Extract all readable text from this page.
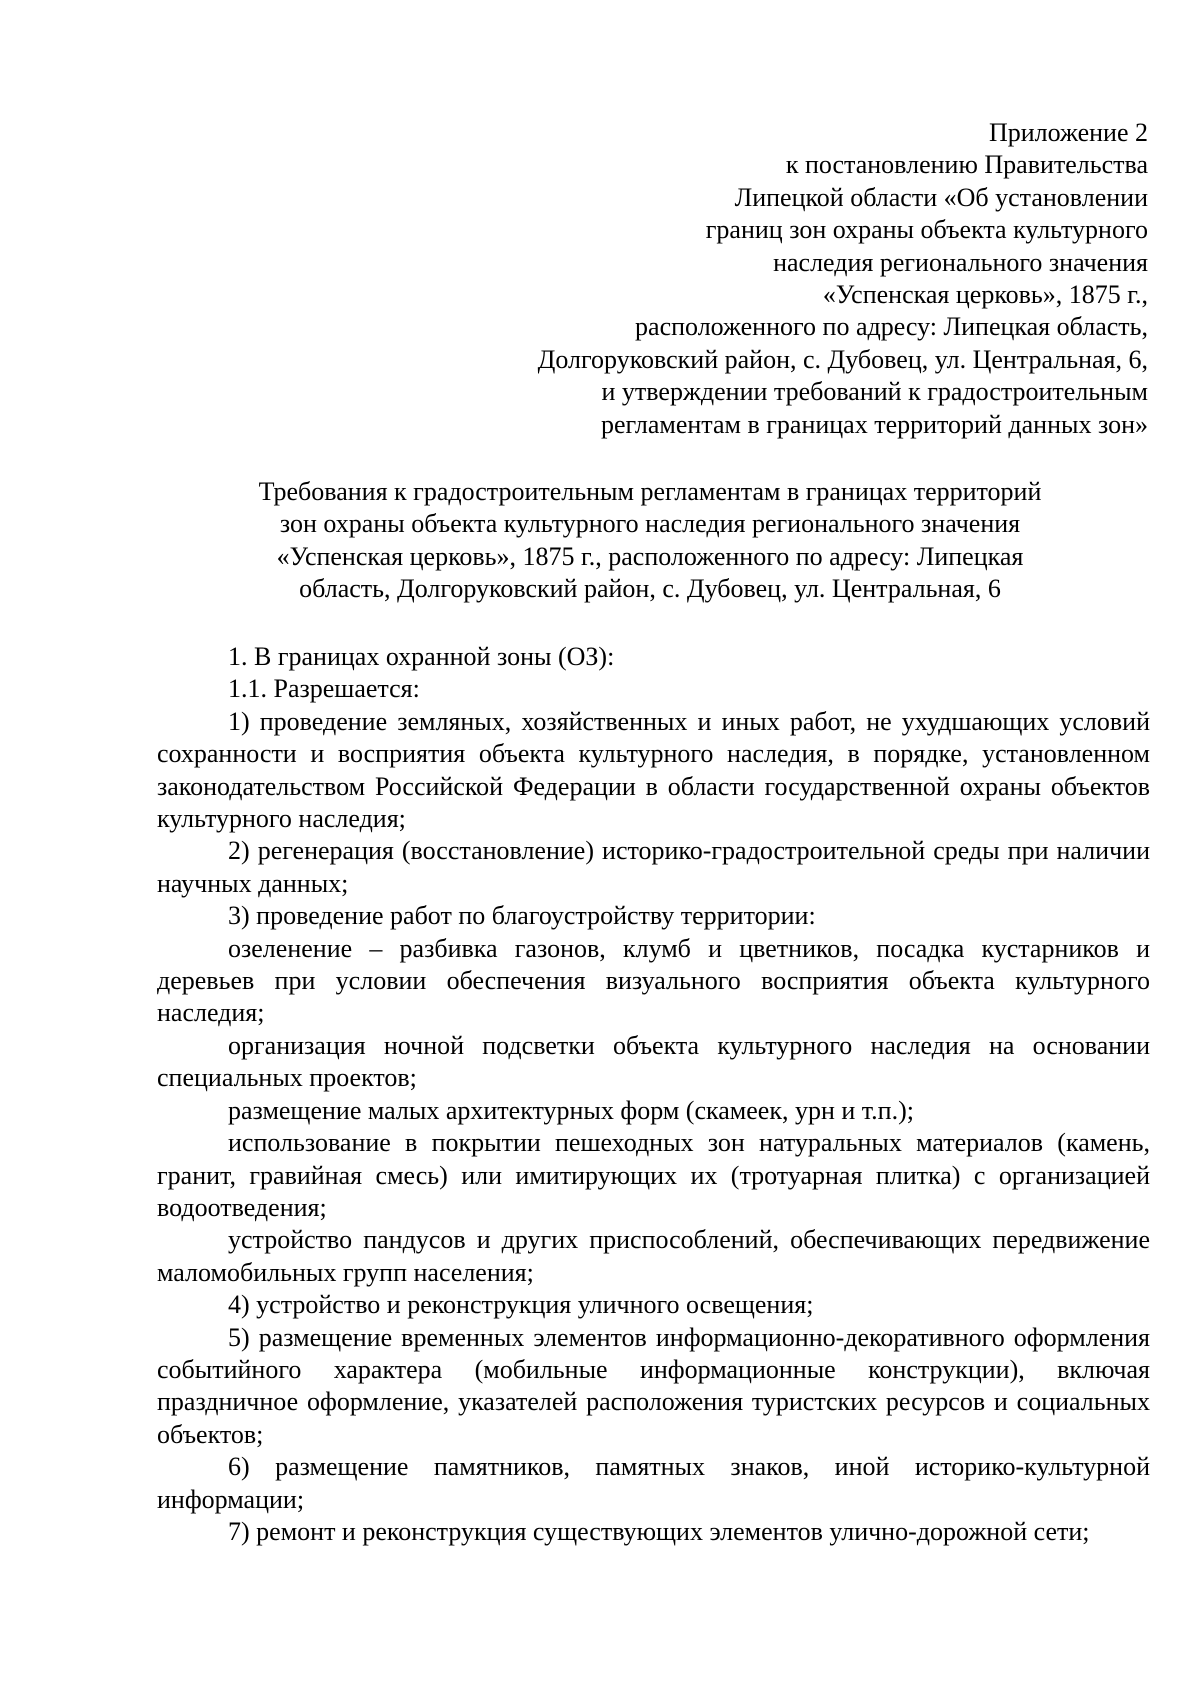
Приложение 2
к постановлению Правительства
Липецкой области «Об установлении
границ зон охраны объекта культурного
наследия регионального значения
«Успенская церковь», 1875 г.,
расположенного по адресу: Липецкая область,
Долгоруковский район, с. Дубовец, ул. Центральная, 6,
и утверждении требований к градостроительным
регламентам в границах территорий данных зон»
Требования к градостроительным регламентам в границах территорий
зон охраны объекта культурного наследия регионального значения
«Успенская церковь», 1875 г., расположенного по адресу: Липецкая
область, Долгоруковский район, с. Дубовец, ул. Центральная, 6

1. В границах охранной зоны (ОЗ):

1.1. Разрешается:

1) проведение земляных, хозяйственных и иных работ, не ухудшающих условий сохранности и восприятия объекта культурного наследия, в порядке, установленном законодательством Российской Федерации в области государственной охраны объектов культурного наследия;

2) регенерация (восстановление) историко-градостроительной среды при наличии научных данных;

3) проведение работ по благоустройству территории:

озеленение – разбивка газонов, клумб и цветников, посадка кустарников и деревьев при условии обеспечения визуального восприятия объекта культурного наследия;

организация ночной подсветки объекта культурного наследия на основании специальных проектов;

размещение малых архитектурных форм (скамеек, урн и т.п.);

использование в покрытии пешеходных зон натуральных материалов (камень, гранит, гравийная смесь) или имитирующих их (тротуарная плитка) с организацией водоотведения;

устройство пандусов и других приспособлений, обеспечивающих передвижение маломобильных групп населения;

4) устройство и реконструкция уличного освещения;

5) размещение временных элементов информационно-декоративного оформления событийного характера (мобильные информационные конструкции), включая праздничное оформление, указателей расположения туристских ресурсов и социальных объектов;

6) размещение памятников, памятных знаков, иной историко-культурной информации;

7) ремонт и реконструкция существующих элементов улично-дорожной сети;
